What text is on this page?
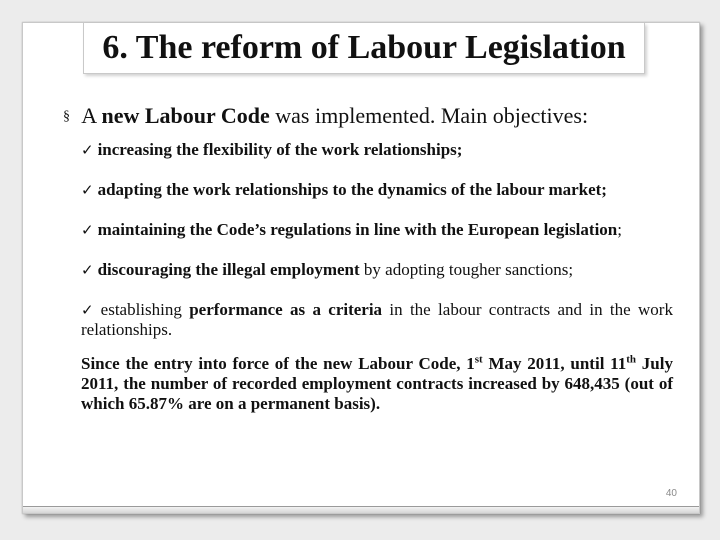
6. The reform of Labour Legislation
§ A new Labour Code was implemented. Main objectives:
✓ increasing the flexibility of the work relationships;
✓ adapting the work relationships to the dynamics of the labour market;
✓ maintaining the Code’s regulations in line with the European legislation;
✓ discouraging the illegal employment by adopting tougher sanctions;
✓ establishing performance as a criteria in the labour contracts and in the work relationships.
Since the entry into force of the new Labour Code, 1st May 2011, until 11th July 2011, the number of recorded employment contracts increased by 648,435 (out of which 65.87% are on a permanent basis).
40
